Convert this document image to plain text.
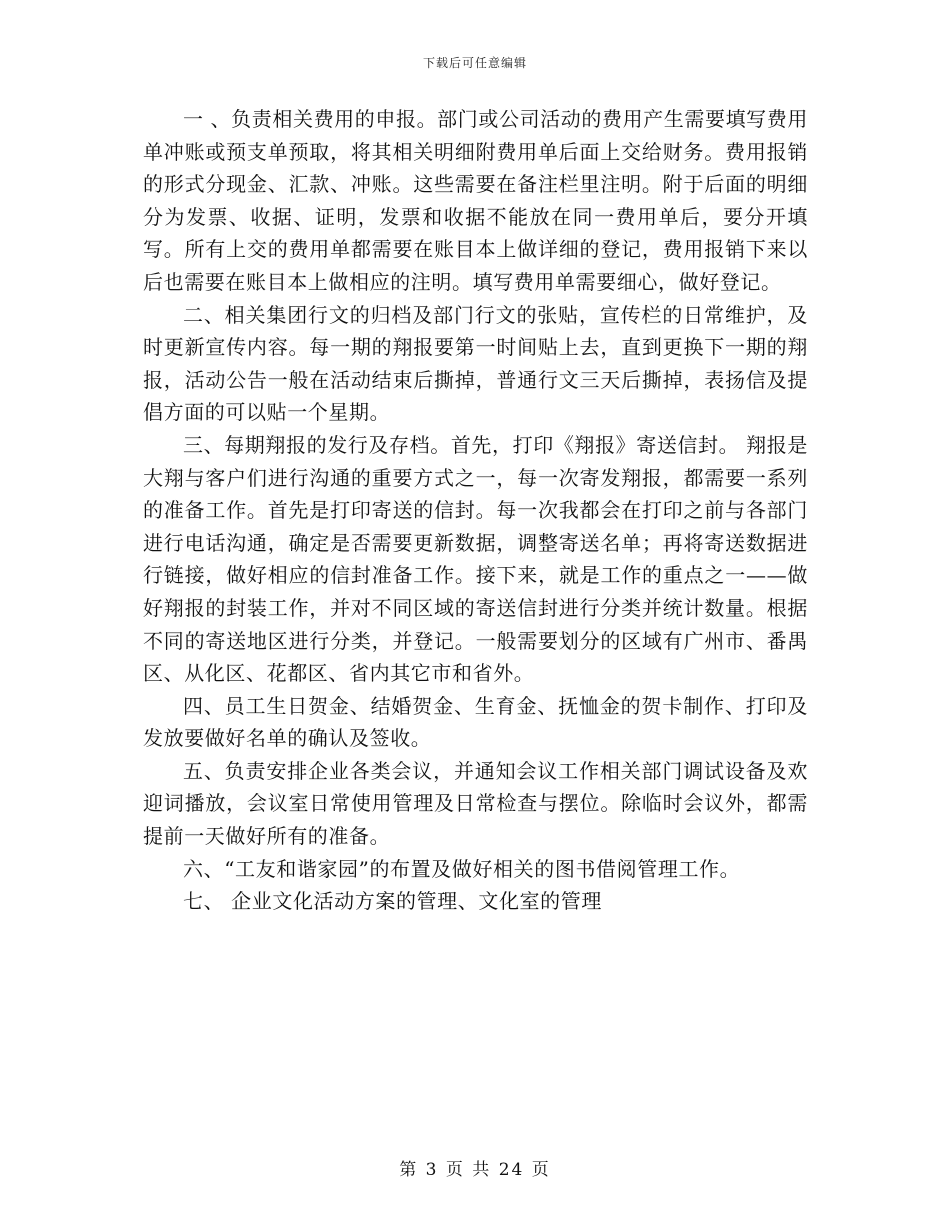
下载后可任意编辑

一 、负责相关费用的申报。部门或公司活动的费用产生需要填写费用单冲账或预支单预取，将其相关明细附费用单后面上交给财务。费用报销的形式分现金、汇款、冲账。这些需要在备注栏里注明。附于后面的明细分为发票、收据、证明，发票和收据不能放在同一费用单后，要分开填写。所有上交的费用单都需要在账目本上做详细的登记，费用报销下来以后也需要在账目本上做相应的注明。填写费用单需要细心，做好登记。

二、相关集团行文的归档及部门行文的张贴，宣传栏的日常维护，及时更新宣传内容。每一期的翔报要第一时间贴上去，直到更换下一期的翔报，活动公告一般在活动结束后撕掉，普通行文三天后撕掉，表扬信及提倡方面的可以贴一个星期。

三、每期翔报的发行及存档。首先，打印《翔报》寄送信封。 翔报是大翔与客户们进行沟通的重要方式之一，每一次寄发翔报，都需要一系列的准备工作。首先是打印寄送的信封。每一次我都会在打印之前与各部门进行电话沟通，确定是否需要更新数据，调整寄送名单；再将寄送数据进行链接，做好相应的信封准备工作。接下来，就是工作的重点之一——做好翔报的封装工作，并对不同区域的寄送信封进行分类并统计数量。根据不同的寄送地区进行分类，并登记。一般需要划分的区域有广州市、番禺区、从化区、花都区、省内其它市和省外。

四、员工生日贺金、结婚贺金、生育金、抚恤金的贺卡制作、打印及发放要做好名单的确认及签收。

五、负责安排企业各类会议，并通知会议工作相关部门调试设备及欢迎词播放，会议室日常使用管理及日常检查与摆位。除临时会议外，都需提前一天做好所有的准备。

六、“工友和谐家园”的布置及做好相关的图书借阅管理工作。

七、 企业文化活动方案的管理、文化室的管理

第 3 页 共 24 页
